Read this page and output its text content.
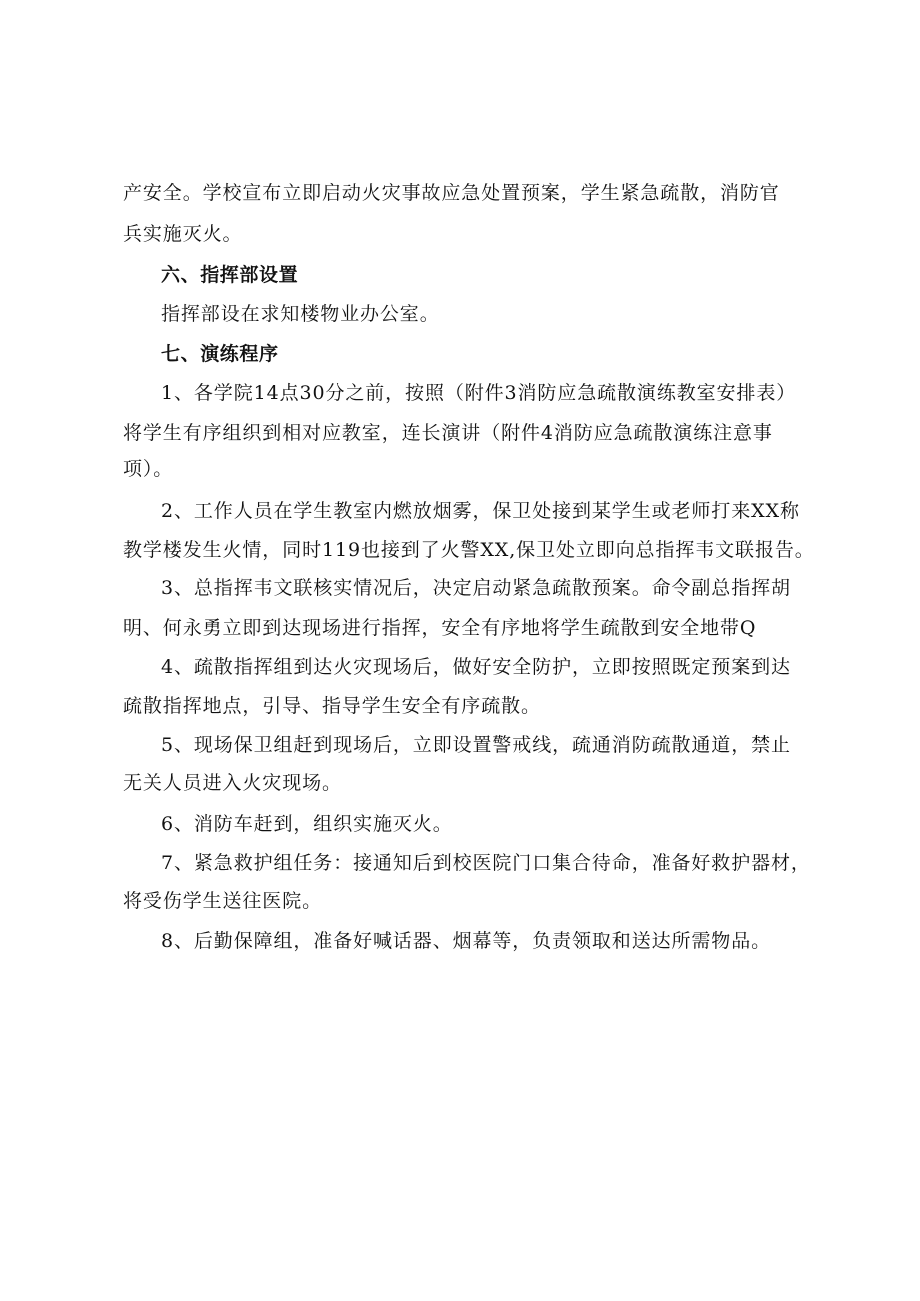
产安全。学校宣布立即启动火灾事故应急处置预案，学生紧急疏散，消防官
兵实施灭火。
六、指挥部设置
指挥部设在求知楼物业办公室。
七、演练程序
1、各学院14点30分之前，按照（附件3消防应急疏散演练教室安排表）
将学生有序组织到相对应教室，连长演讲（附件4消防应急疏散演练注意事
项）。
2、工作人员在学生教室内燃放烟雾，保卫处接到某学生或老师打来XX称
教学楼发生火情，同时119也接到了火警XX,保卫处立即向总指挥韦文联报告。
3、总指挥韦文联核实情况后，决定启动紧急疏散预案。命令副总指挥胡
明、何永勇立即到达现场进行指挥，安全有序地将学生疏散到安全地带Q
4、疏散指挥组到达火灾现场后，做好安全防护，立即按照既定预案到达
疏散指挥地点，引导、指导学生安全有序疏散。
5、现场保卫组赶到现场后，立即设置警戒线，疏通消防疏散通道，禁止
无关人员进入火灾现场。
6、消防车赶到，组织实施灭火。
7、紧急救护组任务：接通知后到校医院门口集合待命，准备好救护器材，
将受伤学生送往医院。
8、后勤保障组，准备好喊话器、烟幕等，负责领取和送达所需物品。
